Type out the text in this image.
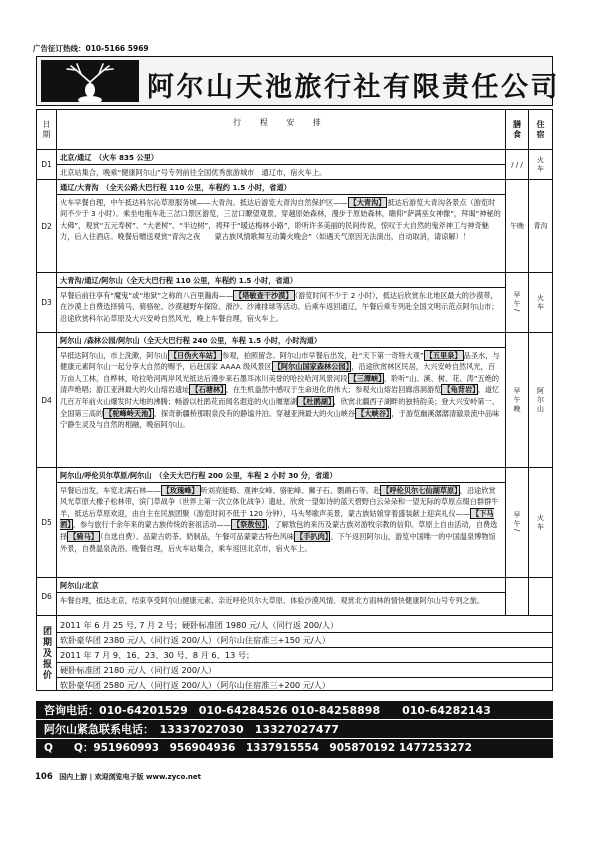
广告征订热线：010-5166 5969
阿尔山天池旅行社有限责任公司
日期	行 程 安 排	膳食	住宿
D1
北京/通辽　（火车 835 公里）
北京站集合，晚乘“健康阿尔山”号专列前往全国优秀旅游城市　通辽市，宿火车上。
/ / /	火车
D2
通辽/大青沟　（全天公路大巴行程 110 公里，车程约 1.5 小时，省道）
火车早餐自理，中午抵达科尔沁草原服务城——大青沟。抵达后游览大青沟自然保护区—— 【大青沟】 抵达后游览大青沟各景点（游览时间不少于 3 小时）。乘坐电瓶车赴三岔口景区游览，三岔口瞭望观景，穿越原始森林，漫步于原始森林，瞻仰“萨满巫女神像”，拜谒“神秘的大佛”，观赏“五元寿树”、“大老树”、“半边树”，祷拜于“暖达梅林小路”，聆听许多美丽的民间传说，惊叹于大自然的鬼斧神工与神奇魅力，后入住酒店。晚餐后赠送观赏“青沟之夜　　蒙古族风情歌舞互动篝火晚会”（如遇天气原因无法演出，自动取消，请谅解）！
午晚	青沟
D3
大青沟/通辽/阿尔山（全天大巴行程 110 公里，车程约 1.5 小时，省道）
早餐后前往享有“魔鬼”或“地狱”之称的八百里瀚海—— 【塔敏查干沙漠】 （游览时间不少于 2 小时），抵达后欣赏东北地区最大的沙漠带，在沙漠上自费选择骑马、骑骆驼、沙漠越野车探险、滑沙、沙滩排球等活动。后乘车返回通辽，午餐后乘专列赴全国文明示范点阿尔山市；沿途欣赏科尔沁草原及大兴安岭自然风光，晚上车餐自理，宿火车上。
早午/	火车
D4
阿尔山 /森林公园/阿尔山（全天大巴行程 240 公里，车程 1.5 小时，小时沟道）
早抵达阿尔山，市上洗漱，阿尔山 【日伪火车站】 参观，拍照留念。阿尔山市早餐后出发，赴“天下第一奇特大观” 【五里泉】 品圣水，与健康元素阿尔山一起分享大自然的赐予，后赴国家 AAAA 级风景区 【阿尔山国家森林公园】 ，沿途欣赏林区民居，大兴安岭自然风光，百万亩人工林，自桦林，哈拉哈河两岸风光抵达后漫步来石墨耳冰川美誉的哈拉哈河风景河段 【三潭峡】 ，聆听“山、溪、树、花、涛”五绝的清声绝唱；游江亚洲最大的火山熔岩遗址 【石塘林】 ，在生机盎然中感叹于生命进化的伟大；参观火山熔岩回廊溶洞游览 【龟背岩】 ，道忆几百万年前火山爆发时大地的沸腾；畅游以杜鹃花而闻名遐迩的火山堰塞湖 【杜鹃湖】 ，欣赏北疆西子湖畔的独特韵美；登大兴安岭第一、全国第三高的 【驼峰岭天池】 ，探奇新疆桥那眼泉没有的静谧井泊。穿越亚洲最大的火山峡谷 【大峡谷】 ，于游览幽溪潺潺清澈泉流中品味宁静生灵及与自然的相融，晚宿阿尔山。
早午晚	阿尔山
D5
阿尔山/呼伦贝尔草原/阿尔山　（全天大巴行程 200 公里，车程 2 小时 30 分，省道）
早餐后出发，车览北满石林—— 【玫瑰峰】 听刘亮能略、观神女峰、骆驼峰、狮子石、鹦鹉石等。赴 【呼伦贝尔七仙湖草原】 ，沿途欣赏风光草原大橡子松林带，滨门草战争（世界上第一次立体化战争）遗址，欣赏一望如诗的蓝天碧野白云朵朵和一望无际的草原点缀白群群牛羊，抵达后草原欢迎，由自主在民族团聚（游览时间不低于 120 分钟），马头琴歌声美景，蒙古族姑娘穿着盛装献上迎宾礼仪—— 【下马酒】 ，参与旅行千余年来的蒙古族传统的套祖活动—— 【祭敖包】 ，了解敖包的来历及蒙古族对游牧宗教的信仰。草原上自由活动，自费选择 【骑马】 （自选自费）、品蒙古奶茶、奶制品，午餐可品蒙蒙古特色风味 【手扒肉】 。下午返回阿尔山，游览中国唯一的中国温泉博物馆外景，自费温泉洗浴。晚餐自理，后火车站集合，乘车返回北京市，宿火车上。
早午/	火车
D6
阿尔山/北京
车餐自理，抵达北京，结束享受阿尔山健康元素、亲近呼伦贝尔大草原、体验沙漠风情、观赏北方雨林的情快健康阿尔山号专列之旅。
团期及报价
2011 年 6 月 25 号, 7 月 2 号；硬卧标准团 1980 元/人（同行返 200/人）
软卧豪华团 2380 元/人（同行返 200/人）（阿尔山住宿准三+150 元/人）
2011 年 7 月 9、16、23、30 号、8 月 6、13 号；
硬卧标准团 2180 元/人（同行返 200/人）
软卧豪华团 2580 元/人（同行返 200/人）（阿尔山住宿准三+200 元/人）
咨询电话：010-64201529　010-64284526 010-84258898　　010-64282143
阿尔山紧急联系电话：　13337027030　13327027477
Q　　Q：951960993　956904936　1337915554　905870192 1477253272
106 国内上游 | 欢迎浏览电子版 www.zyco.net
